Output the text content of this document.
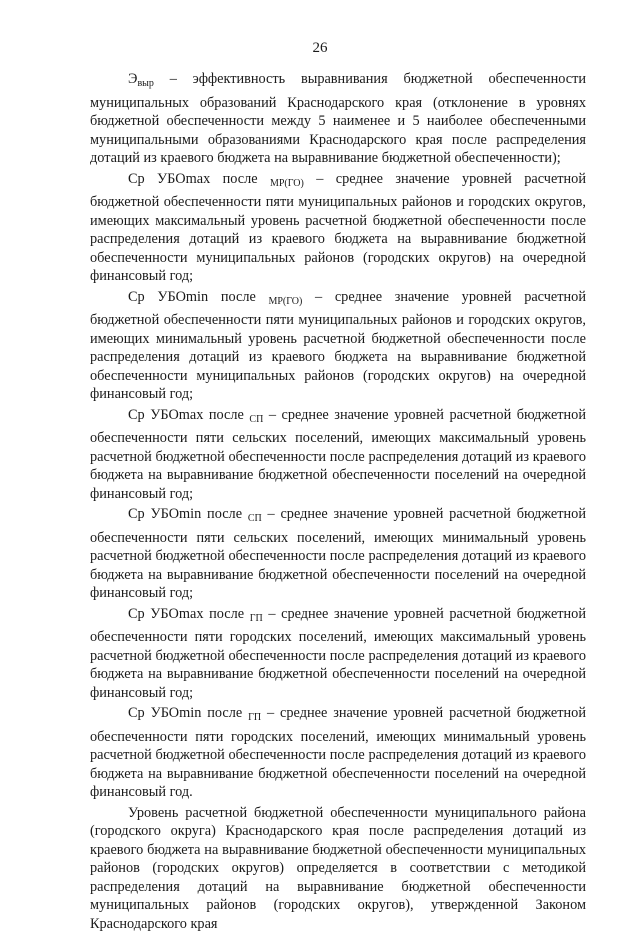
26

$Э_{выр}$ – эффективность выравнивания бюджетной обеспеченности муниципальных образований Краснодарского края (отклонение в уровнях бюджетной обеспеченности между 5 наименее и 5 наиболее обеспеченными муниципальными образованиями Краснодарского края после распределения дотаций из краевого бюджета на выравнивание бюджетной обеспеченности);

Ср УБОmax после $_{МР(ГО)}$ – среднее значение уровней расчетной бюджетной обеспеченности пяти муниципальных районов и городских округов, имеющих максимальный уровень расчетной бюджетной обеспеченности после распределения дотаций из краевого бюджета на выравнивание бюджетной обеспеченности муниципальных районов (городских округов) на очередной финансовый год;

Ср УБОmin после $_{МР(ГО)}$ – среднее значение уровней расчетной бюджетной обеспеченности пяти муниципальных районов и городских округов, имеющих минимальный уровень расчетной бюджетной обеспеченности после распределения дотаций из краевого бюджета на выравнивание бюджетной обеспеченности муниципальных районов (городских округов) на очередной финансовый год;

Ср УБОmax после $_{СП}$ – среднее значение уровней расчетной бюджетной обеспеченности пяти сельских поселений, имеющих максимальный уровень расчетной бюджетной обеспеченности после распределения дотаций из краевого бюджета на выравнивание бюджетной обеспеченности поселений на очередной финансовый год;

Ср УБОmin после $_{СП}$ – среднее значение уровней расчетной бюджетной обеспеченности пяти сельских поселений, имеющих минимальный уровень расчетной бюджетной обеспеченности после распределения дотаций из краевого бюджета на выравнивание бюджетной обеспеченности поселений на очередной финансовый год;

Ср УБОmax после $_{ГП}$ – среднее значение уровней расчетной бюджетной обеспеченности пяти городских поселений, имеющих максимальный уровень расчетной бюджетной обеспеченности после распределения дотаций из краевого бюджета на выравнивание бюджетной обеспеченности поселений на очередной финансовый год;

Ср УБОmin после $_{ГП}$ – среднее значение уровней расчетной бюджетной обеспеченности пяти городских поселений, имеющих минимальный уровень расчетной бюджетной обеспеченности после распределения дотаций из краевого бюджета на выравнивание бюджетной обеспеченности поселений на очередной финансовый год.

Уровень расчетной бюджетной обеспеченности муниципального района (городского округа) Краснодарского края после распределения дотаций из краевого бюджета на выравнивание бюджетной обеспеченности муниципальных районов (городских округов) определяется в соответствии с методикой распределения дотаций на выравнивание бюджетной обеспеченности муниципальных районов (городских округов), утвержденной Законом Краснодарского края
